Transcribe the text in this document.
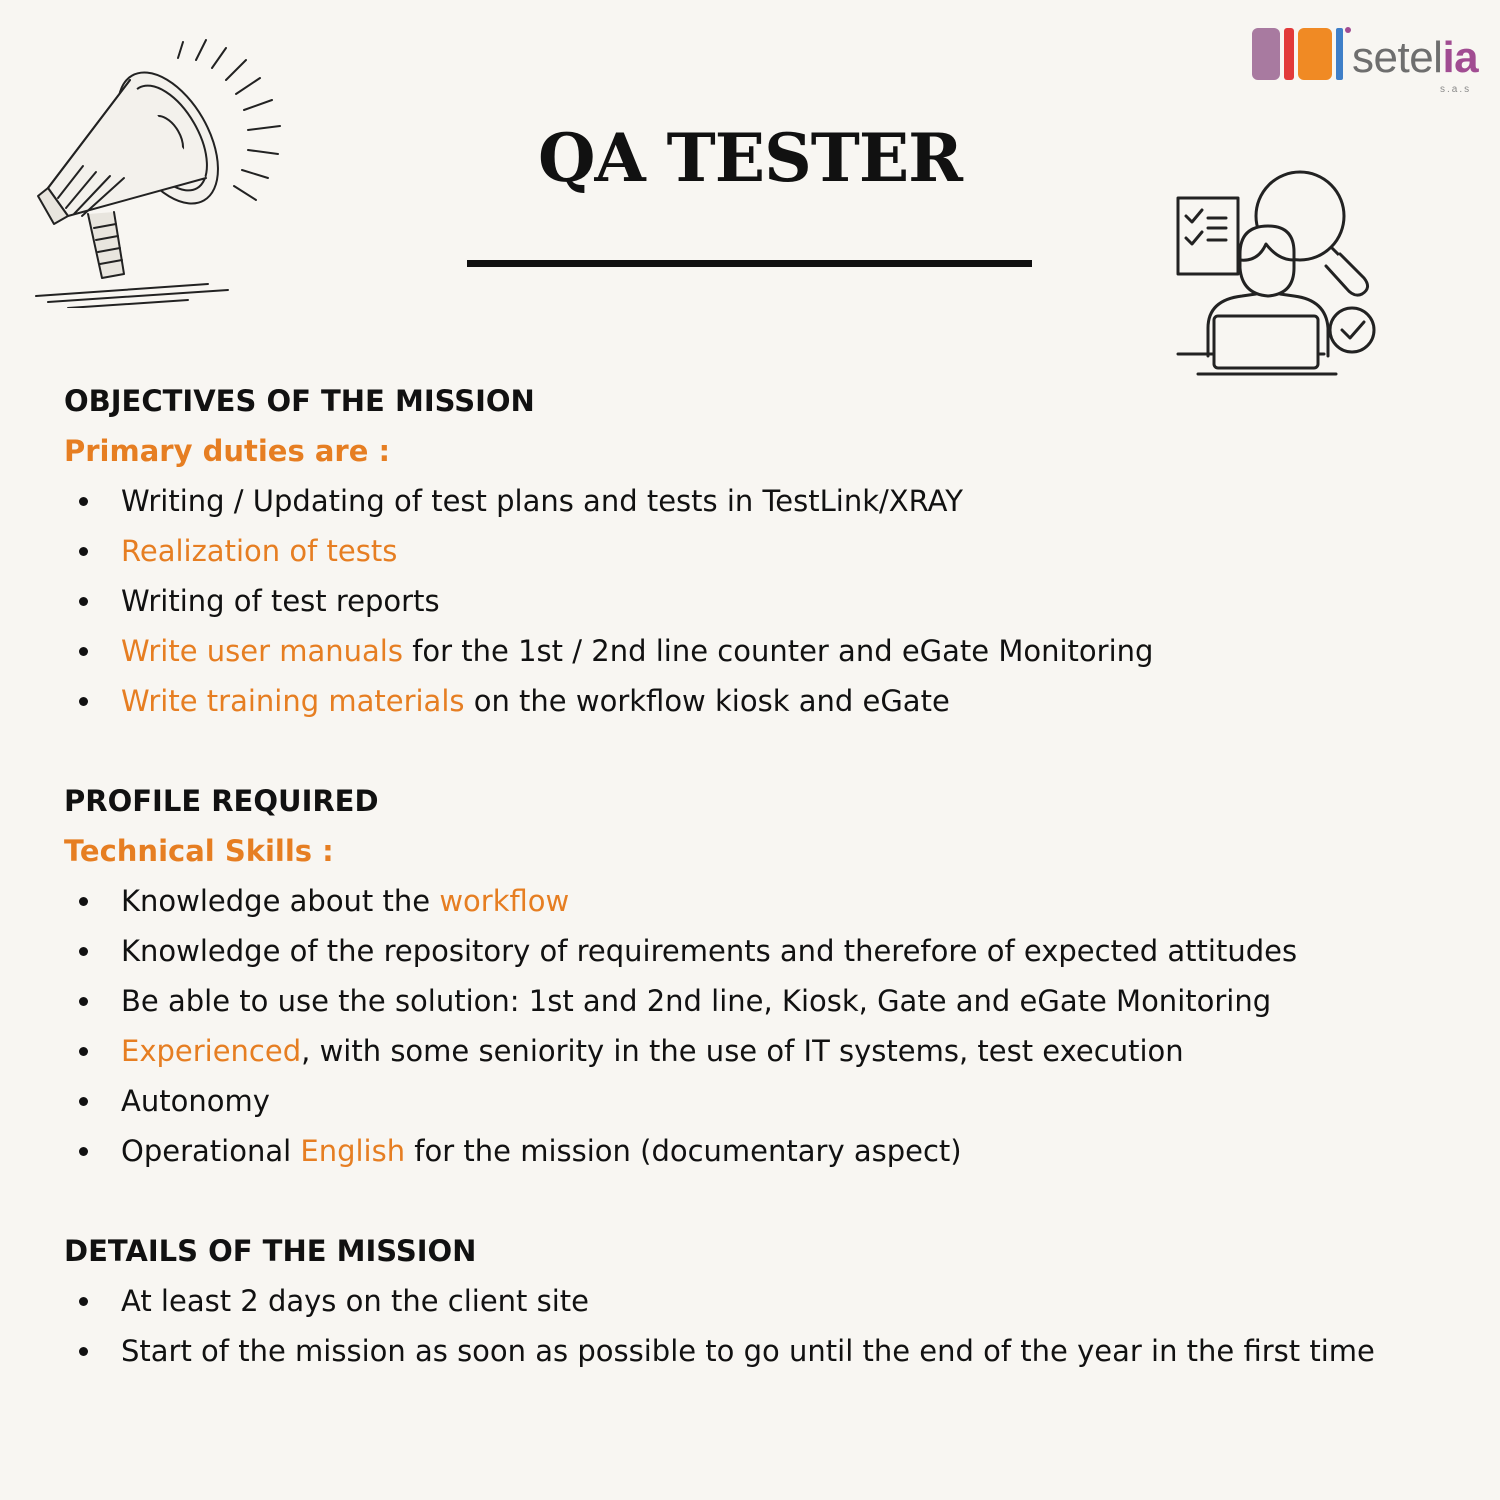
setelia
s.a.s
QA TESTER

OBJECTIVES OF THE MISSION

Primary duties are :

Writing / Updating of test plans and tests in TestLink/XRAY
Realization of tests
Writing of test reports
Write user manuals for the 1st / 2nd line counter and eGate Monitoring
Write training materials on the workflow kiosk and eGate

PROFILE REQUIRED

Technical Skills :

Knowledge about the workflow
Knowledge of the repository of requirements and therefore of expected attitudes
Be able to use the solution: 1st and 2nd line, Kiosk, Gate and eGate Monitoring
Experienced, with some seniority in the use of IT systems, test execution
Autonomy
Operational English for the mission (documentary aspect)

DETAILS OF THE MISSION

At least 2 days on the client site
Start of the mission as soon as possible to go until the end of the year in the first time
